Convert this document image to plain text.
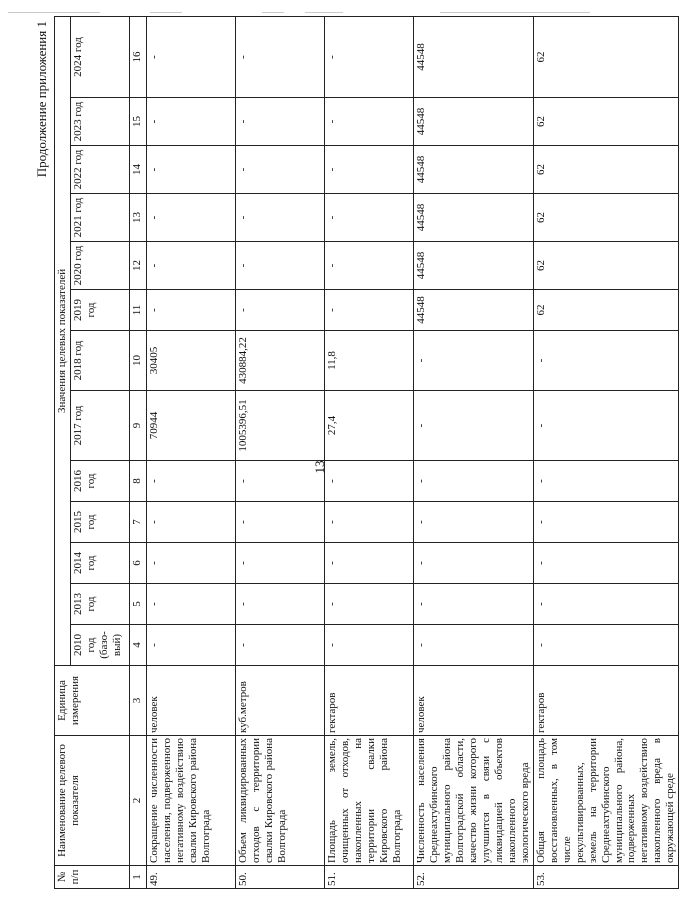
13
Продолжение приложения 1
№ п/п	Наименование целевого показателя	Единица измерения	Значения целевых показателей												
			2010 год (базо-вый)	2013 год	2014 год	2015 год	2016 год	2017 год	2018 год	2019 год	2020 год	2021 год	2022 год	2023 год	2024 год
1	2	3	4	5	6	7	8	9	10	11	12	13	14	15	16
49.	Сокращение численности населения, подверженного негативному воздействию свалки Кировского района Волгограда	человек	-	-	-	-	-	70944	30405	-	-	-	-	-	-
50.	Объем ликвидированных отходов с территории свалки Кировского района Волгограда	куб.метров	-	-	-	-	-	1005396,51	430884,22	-	-	-	-	-	-
51.	Площадь земель, очищенных от отходов, накопленных на территории свалки Кировского района Волгограда	гектаров	-	-	-	-	-	27,4	11,8	-	-	-	-	-	-
52.	Численность населения Среднеахтубинского муниципального района Волгоградской области, качество жизни которого улучшится в связи с ликвидацией объектов накопленного экологического вреда	человек	-	-	-	-	-	-	-	44548	44548	44548	44548	44548	44548
53.	Общая площадь восстановленных, в том числе рекультивированных, земель на территории Среднеахтубинского муниципального района, подверженных негативному воздействию накопленного вреда в окружающей среде	гектаров	-	-	-	-	-	-	-	62	62	62	62	62	62
